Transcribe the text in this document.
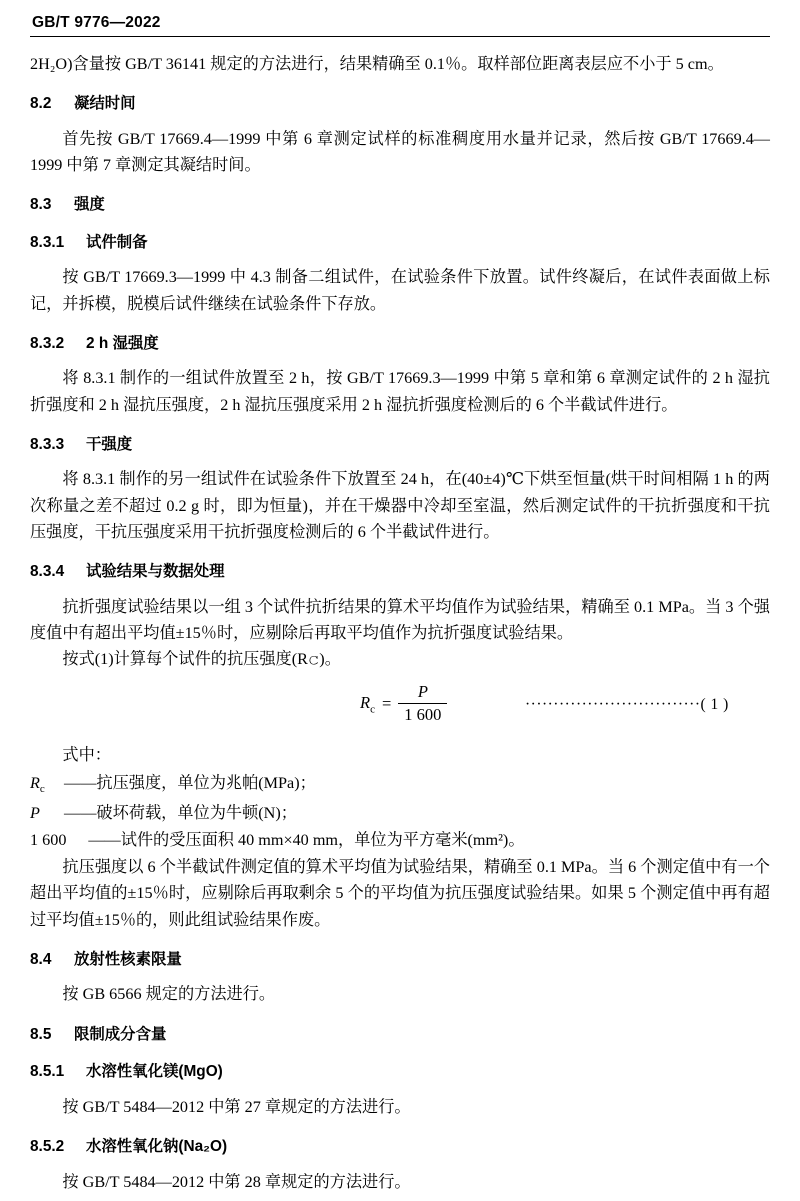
GB/T 9776—2022

2H₂O)含量按 GB/T 36141 规定的方法进行，结果精确至 0.1％。取样部位距离表层应不小于 5 cm。

8.2 凝结时间

首先按 GB/T 17669.4—1999 中第 6 章测定试样的标准稠度用水量并记录，然后按 GB/T 17669.4—1999 中第 7 章测定其凝结时间。

8.3 强度
8.3.1 试件制备

按 GB/T 17669.3—1999 中 4.3 制备二组试件，在试验条件下放置。试件终凝后，在试件表面做上标记，并拆模，脱模后试件继续在试验条件下存放。

8.3.2 2 h 湿强度

将 8.3.1 制作的一组试件放置至 2 h，按 GB/T 17669.3—1999 中第 5 章和第 6 章测定试件的 2 h 湿抗折强度和 2 h 湿抗压强度，2 h 湿抗压强度采用 2 h 湿抗折强度检测后的 6 个半截试件进行。

8.3.3 干强度

将 8.3.1 制作的另一组试件在试验条件下放置至 24 h，在(40±4)℃下烘至恒量(烘干时间相隔 1 h 的两次称量之差不超过 0.2 g 时，即为恒量)，并在干燥器中冷却至室温，然后测定试件的干抗折强度和干抗压强度，干抗压强度采用干抗折强度检测后的 6 个半截试件进行。

8.3.4 试验结果与数据处理

抗折强度试验结果以一组 3 个试件抗折结果的算术平均值作为试验结果，精确至 0.1 MPa。当 3 个强度值中有超出平均值±15％时，应剔除后再取平均值作为抗折强度试验结果。

按式(1)计算每个试件的抗压强度(R𝚌)。

$R_c = \frac{P}{1 600}$	·······························( 1 )

式中：

$R_c$ ——抗压强度，单位为兆帕(MPa)；

P ——破坏荷载，单位为牛顿(N)；

1 600 ——试件的受压面积 40 mm×40 mm，单位为平方毫米(mm²)。

抗压强度以 6 个半截试件测定值的算术平均值为试验结果，精确至 0.1 MPa。当 6 个测定值中有一个超出平均值的±15％时，应剔除后再取剩余 5 个的平均值为抗压强度试验结果。如果 5 个测定值中再有超过平均值±15％的，则此组试验结果作废。

8.4 放射性核素限量

按 GB 6566 规定的方法进行。

8.5 限制成分含量
8.5.1 水溶性氧化镁(MgO)

按 GB/T 5484—2012 中第 27 章规定的方法进行。

8.5.2 水溶性氧化钠(Na₂O)

按 GB/T 5484—2012 中第 28 章规定的方法进行。
